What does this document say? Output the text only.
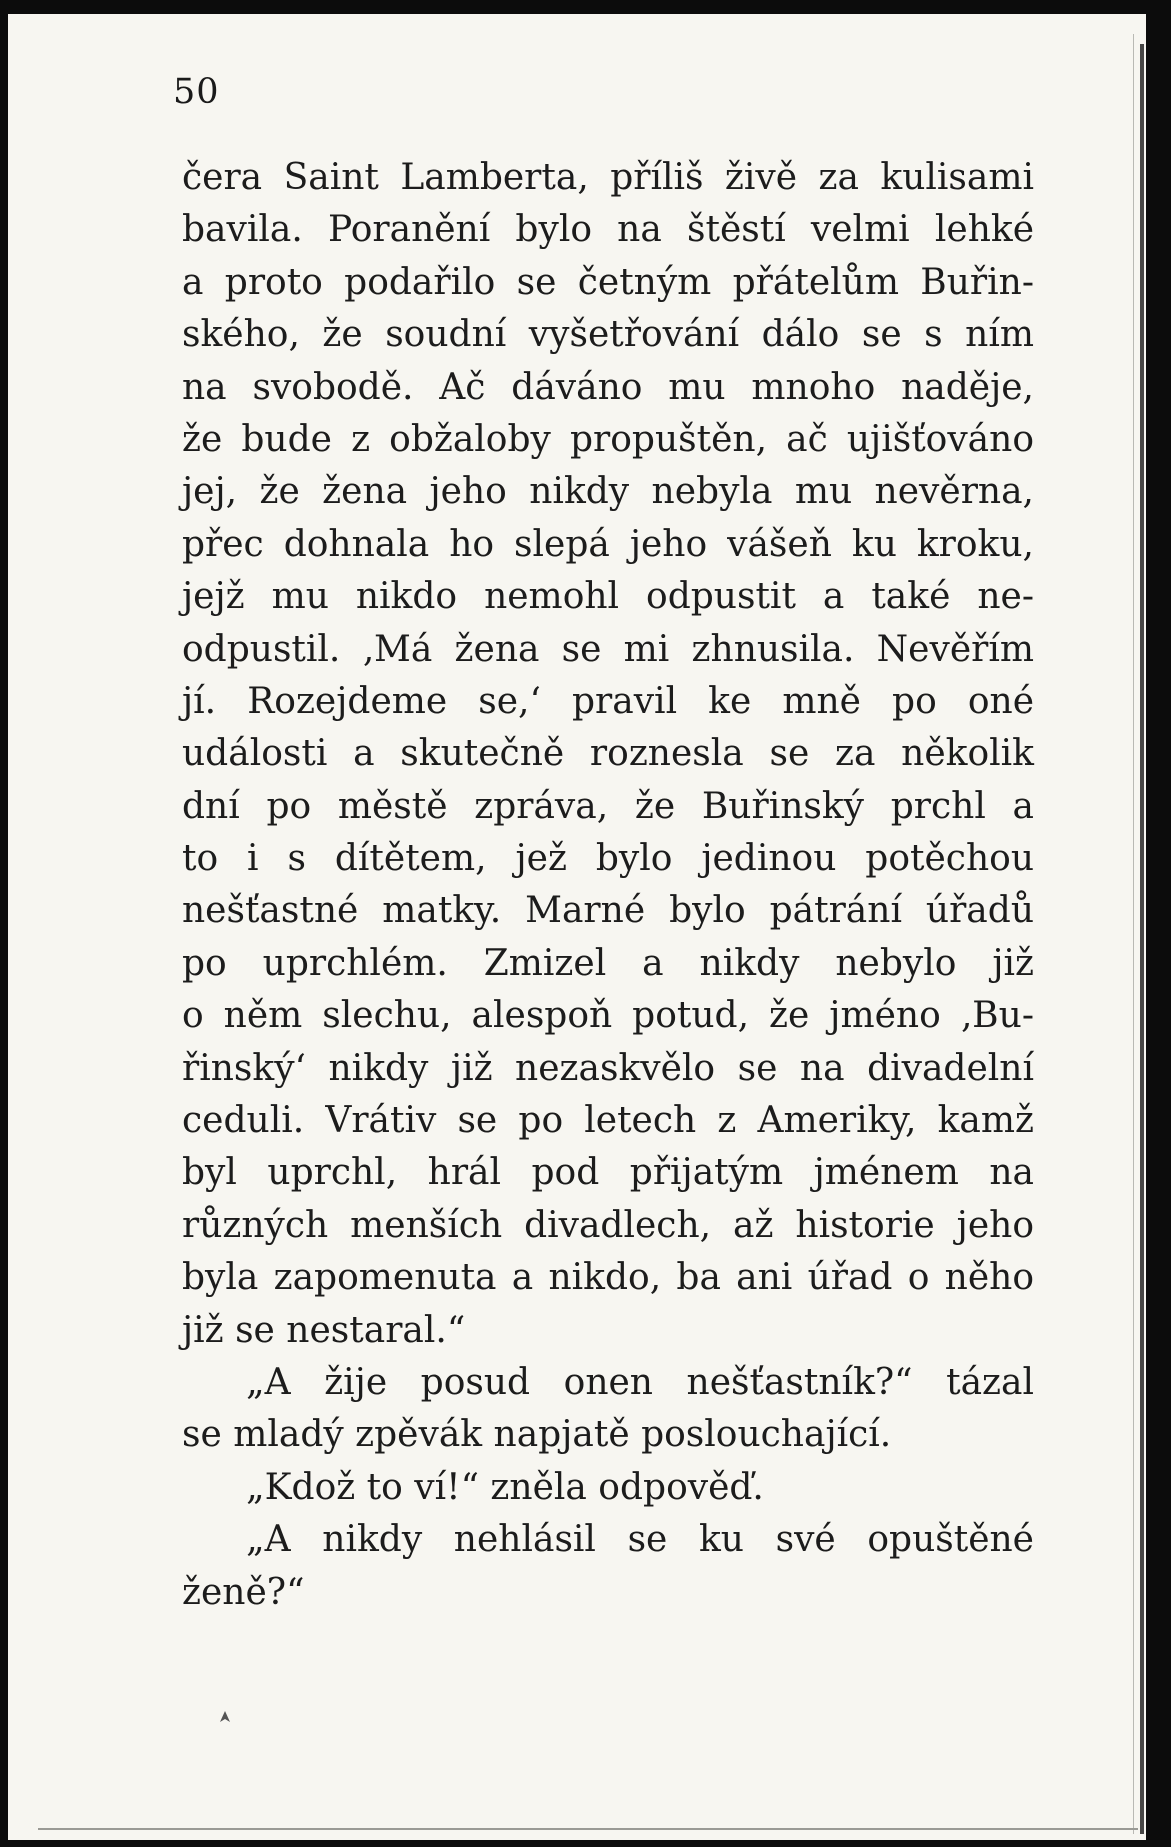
50
čera Saint Lamberta, příliš živě za kulisami
bavila. Poranění bylo na štěstí velmi lehké
a proto podařilo se četným přátelům Buřin-
ského, že soudní vyšetřování dálo se s ním
na svobodě. Ač dáváno mu mnoho naděje,
že bude z obžaloby propuštěn, ač ujišťováno
jej, že žena jeho nikdy nebyla mu nevěrna,
přec dohnala ho slepá jeho vášeň ku kroku,
jejž mu nikdo nemohl odpustit a také ne-
odpustil. ‚Má žena se mi zhnusila. Nevěřím
jí. Rozejdeme se,‘ pravil ke mně po oné
události a skutečně roznesla se za několik
dní po městě zpráva, že Buřinský prchl a
to i s dítětem, jež bylo jedinou potěchou
nešťastné matky. Marné bylo pátrání úřadů
po uprchlém. Zmizel a nikdy nebylo již
o něm slechu, alespoň potud, že jméno ‚Bu-
řinský‘ nikdy již nezaskvělo se na divadelní
ceduli. Vrátiv se po letech z Ameriky, kamž
byl uprchl, hrál pod přijatým jménem na
různých menších divadlech, až historie jeho
byla zapomenuta a nikdo, ba ani úřad o něho
již se nestaral.“
„A žije posud onen nešťastník?“ tázal
se mladý zpěvák napjatě poslouchající.
„Kdož to ví!“ zněla odpověď.
„A nikdy nehlásil se ku své opuštěné
ženě?“
